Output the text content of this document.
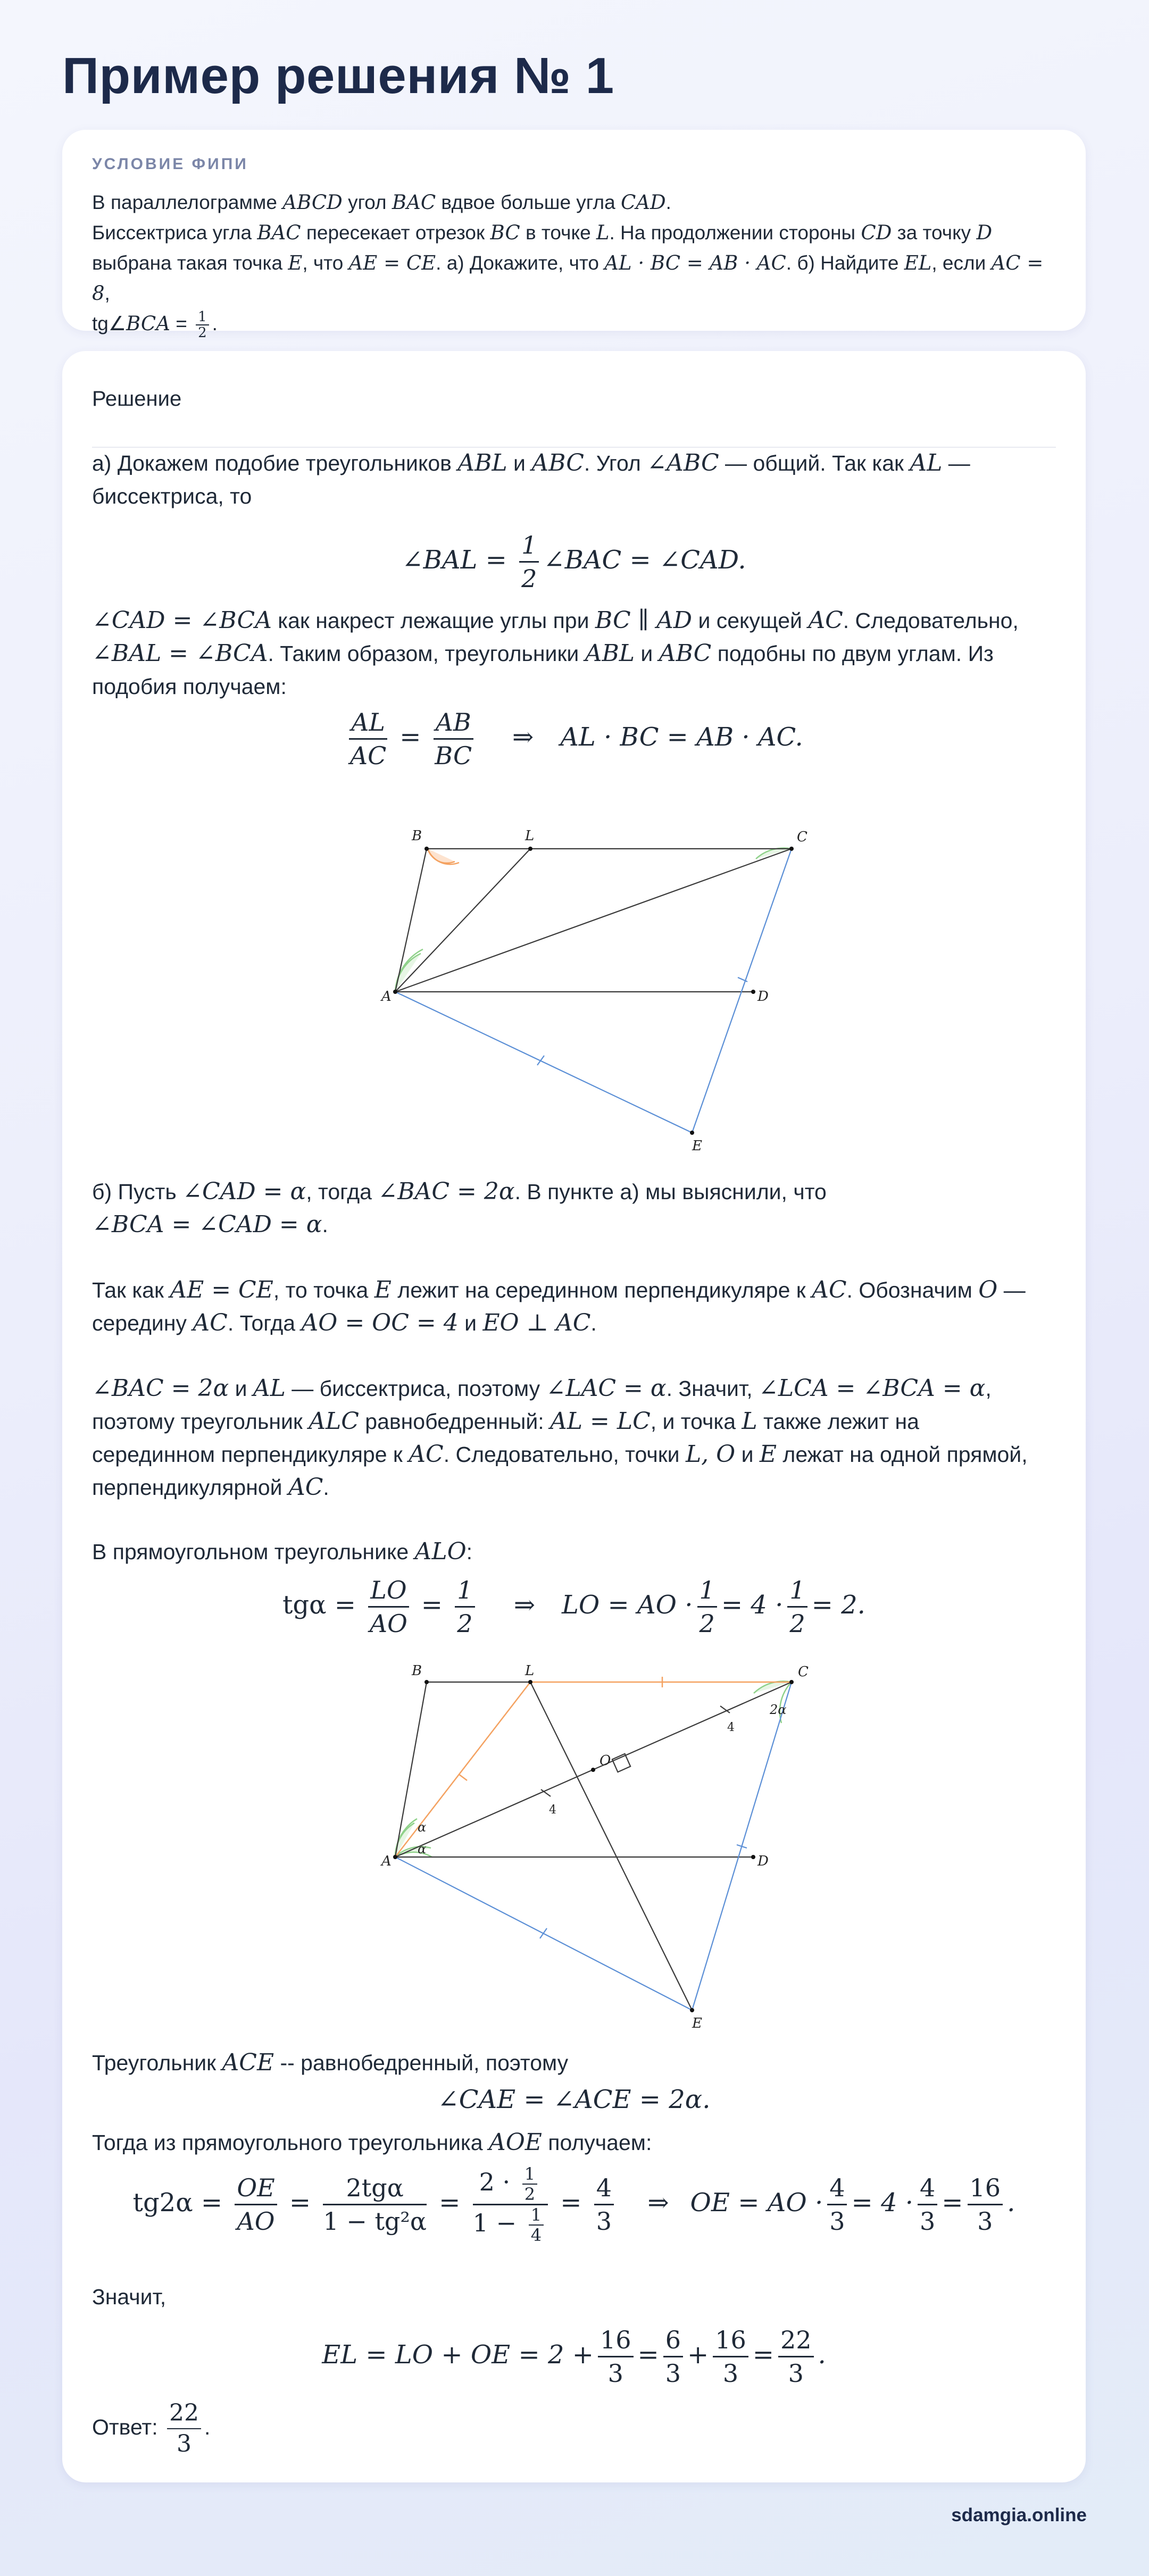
Пример решения № 1

УСЛОВИЕ ФИПИ

В параллелограмме ABCD угол BAC вдвое больше угла CAD.
Биссектриса угла BAC пересекает отрезок BC в точке L. На продолжении стороны CD за точку D
выбрана такая точка E, что AE = CE. а) Докажите, что AL · BC = AB · AC. б) Найдите EL, если AC = 8,
tg∠BCA = $\frac{1}{2}$ .

Решение

а) Докажем подобие треугольников ABL и ABC. Угол ∠ABC — общий. Так как AL —
биссектриса, то

∠BAL = $\frac{1}{2}$ ∠BAC = ∠CAD.

∠CAD = ∠BCA как накрест лежащие углы при BC ∥ AD и секущей AC. Следовательно,
∠BAL = ∠BCA. Таким образом, треугольники ABL и ABC подобны по двум углам. Из
подобия получаем:

$\frac{AL}{AC} = \frac{AB}{BC}$ ⇒ AL · BC = AB · AC.
B	L	C
A	D
E

б) Пусть ∠CAD = α, тогда ∠BAC = 2α. В пункте а) мы выяснили, что
∠BCA = ∠CAD = α.

Так как AE = CE, то точка E лежит на серединном перпендикуляре к AC. Обозначим O —
середину AC. Тогда AO = OC = 4 и EO ⊥ AC.

∠BAC = 2α и AL — биссектриса, поэтому ∠LAC = α. Значит, ∠LCA = ∠BCA = α,
поэтому треугольник ALC равнобедренный: AL = LC, и точка L также лежит на
серединном перпендикуляре к AC. Следовательно, точки L, O и E лежат на одной прямой,
перпендикулярной AC.

В прямоугольном треугольнике ALO:

$tg\alpha = \frac{LO}{AO} = \frac{1}{2}$ ⇒ LO = AO · $\frac{1}{2} = 4 \cdot \frac{1}{2} = 2$.
B	L	C
A	D
E
O
4
4
α
α
2α

Треугольник ACE -- равнобедренный, поэтому

∠CAE = ∠ACE = 2α.

Тогда из прямоугольного треугольника AOE получаем:

$tg2\alpha = \frac{OE}{AO} = \frac{\text{2tgα}}{\text{1 − tg²α}} = \frac{2 \cdot \frac{1}{2}}{1 - \frac{1}{4}} = \frac{4}{3}$ ⇒ OE = AO · $\frac{4}{3} = 4 \cdot \frac{4}{3} = \frac{16}{3}$ .

Значит,

EL = LO + OE = $2 + \frac{16}{3} = \frac{6}{3} + \frac{16}{3} = \frac{22}{3}$ .

Ответ: $\frac{22}{3}$ .

sdamgia.online
